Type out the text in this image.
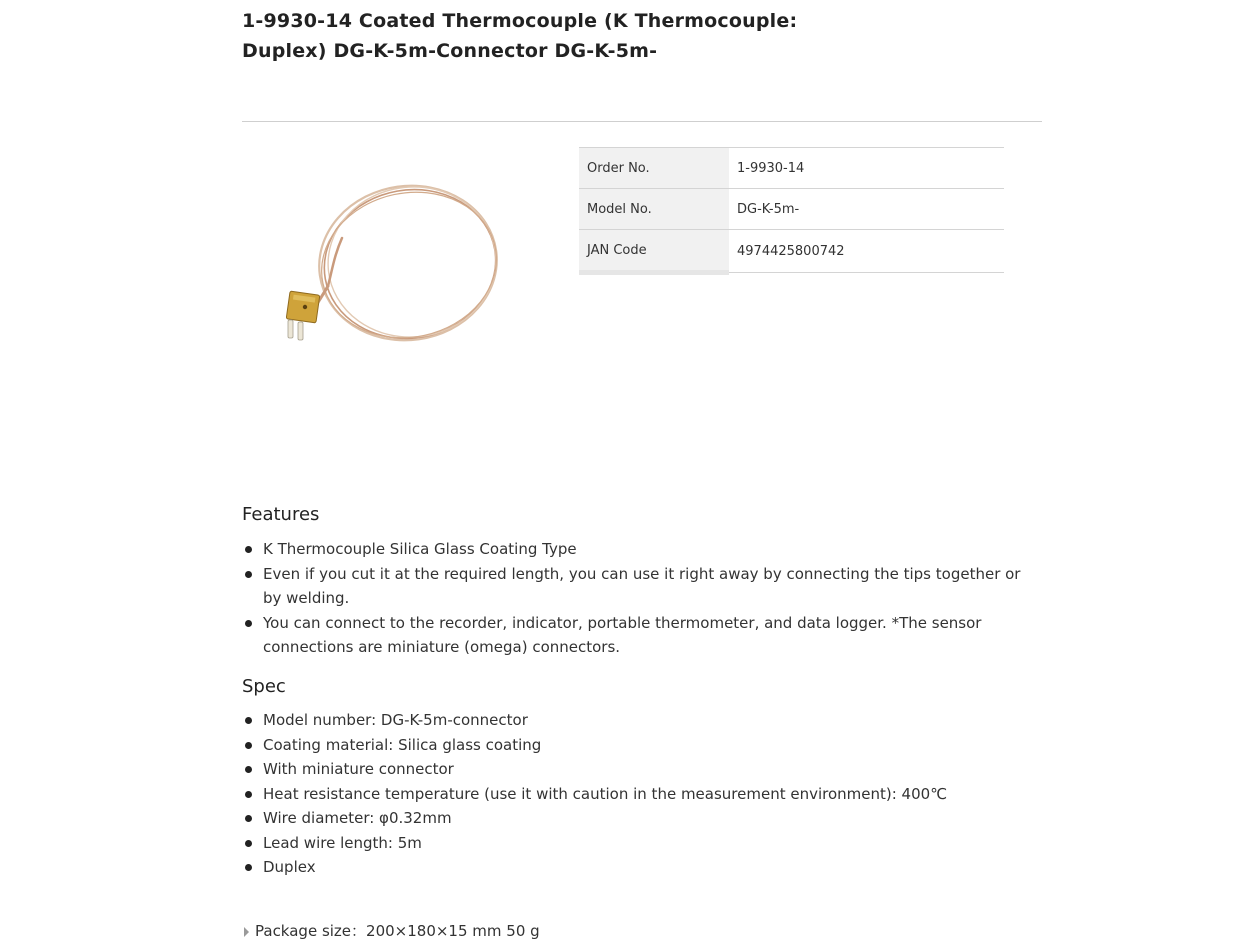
1-9930-14 Coated Thermocouple (K Thermocouple: Duplex) DG-K-5m-Connector DG-K-5m-
Order No.	1-9930-14
Model No.	DG-K-5m-
JAN Code	4974425800742
Features
K Thermocouple Silica Glass Coating Type
Even if you cut it at the required length, you can use it right away by connecting the tips together or by welding.
You can connect to the recorder, indicator, portable thermometer, and data logger. *The sensor connections are miniature (omega) connectors.
Spec
Model number: DG-K-5m-connector
Coating material: Silica glass coating
With miniature connector
Heat resistance temperature (use it with caution in the measurement environment): 400℃
Wire diameter: φ0.32mm
Lead wire length: 5m
Duplex
Package size：200×180×15 mm 50 g
